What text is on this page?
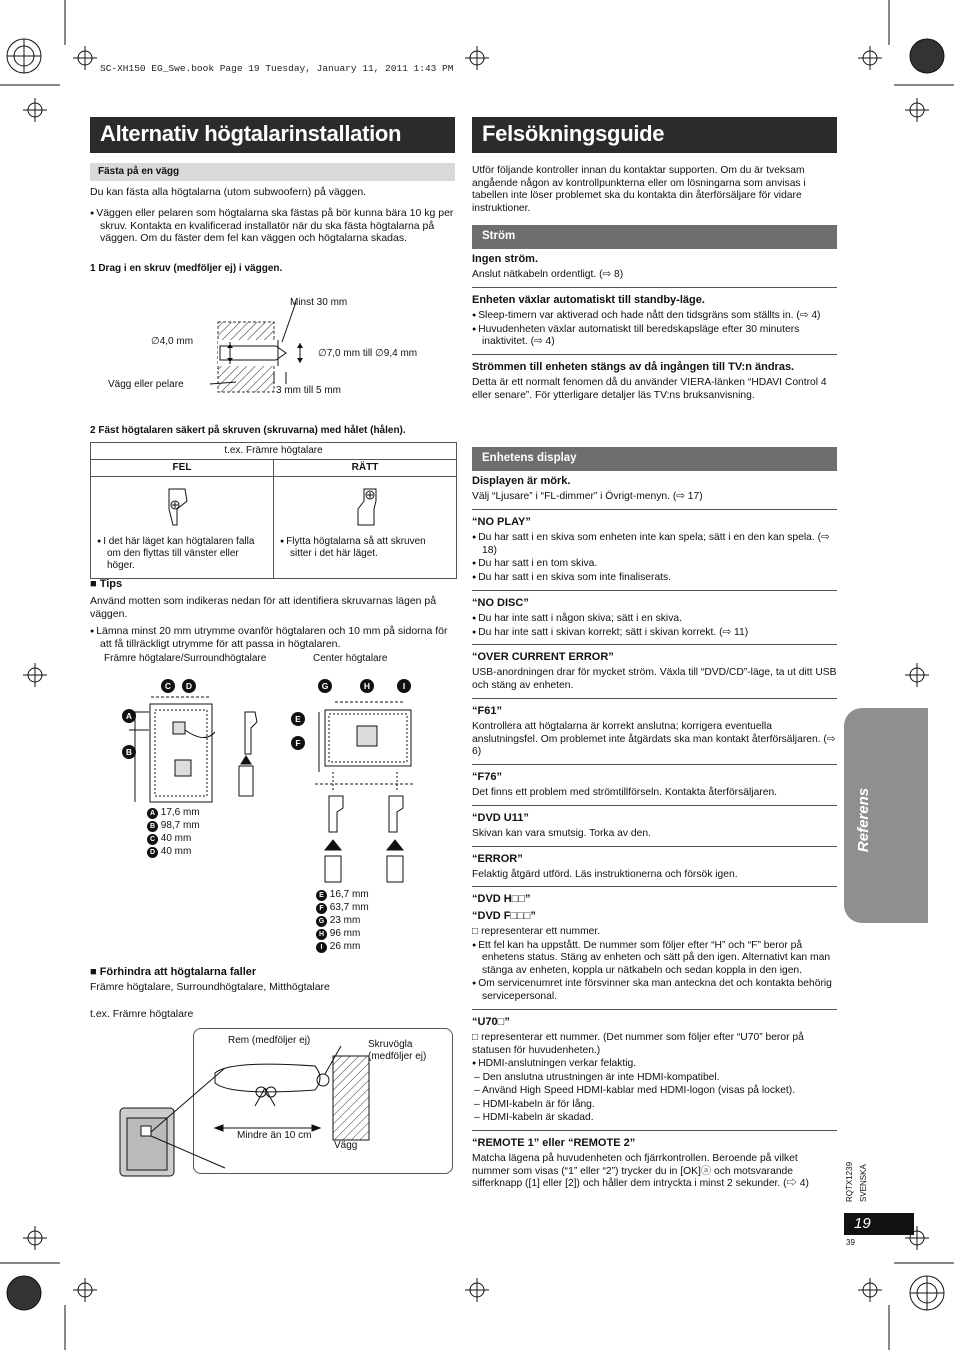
SC-XH150 EG_Swe.book Page 19 Tuesday, January 11, 2011 1:43 PM
Alternativ högtalarinstallation
Fästa på en vägg

Du kan fästa alla högtalarna (utom subwoofern) på väggen.

● Väggen eller pelaren som högtalarna ska fästas på bör kunna bära 10 kg per skruv. Kontakta en kvalificerad installatör när du ska fästa högtalarna på väggen. Om du fäster dem fel kan väggen och högtalarna skadas.

1 Drag i en skruv (medföljer ej) i väggen.
Minst 30 mm
∅4,0 mm
∅7,0 mm till ∅9,4 mm
Vägg eller pelare
3 mm till 5 mm
2 Fäst högtalaren säkert på skruven (skruvarna) med hålet (hålen).
t.ex. Främre högtalare	
FEL	RÄTT

● I det här läget kan högtalaren falla om den flyttas till vänster eller höger.	● Flytta högtalarna så att skruven sitter i det här läget.

■ Tips

Använd motten som indikeras nedan för att identifiera skruvarnas lägen på väggen.

● Lämna minst 20 mm utrymme ovanför högtalaren och 10 mm på sidorna för att få tillräckligt utrymme för att passa in högtalaren.

Främre högtalare/Surroundhögtalare	Center högtalare
C	D
A
B
G	H	I
E
F
A 17,6 mm
B 98,7 mm
C 40 mm
D 40 mm
E 16,7 mm
F 63,7 mm
G 23 mm
H 96 mm
I 26 mm

■ Förhindra att högtalarna faller

Främre högtalare, Surroundhögtalare, Mitthögtalare

t.ex. Främre högtalare

Rem (medföljer ej)	Skruvögla
(medföljer ej)
Mindre än 10 cm
Vägg
Felsökningsguide
Utför följande kontroller innan du kontaktar supporten. Om du är tveksam angående någon av kontrollpunkterna eller om lösningarna som anvisas i tabellen inte löser problemet ska du kontakta din återförsäljare för vidare instruktioner.
Ström
Ingen ström.

Anslut nätkabeln ordentligt. (⇨ 8)

Enheten växlar automatiskt till standby-läge.

● Sleep-timern var aktiverad och hade nått den tidsgräns som ställts in. (⇨ 4)

● Huvudenheten växlar automatiskt till beredskapsläge efter 30 minuters inaktivitet. (⇨ 4)

Strömmen till enheten stängs av då ingången till TV:n ändras.

Detta är ett normalt fenomen då du använder VIERA-länken “HDAVI Control 4 eller senare”. För ytterligare detaljer läs TV:ns bruksanvisning.

Enhetens display
Displayen är mörk.

Välj “Ljusare” i “FL-dimmer” i Övrigt-menyn. (⇨ 17)

“NO PLAY”

● Du har satt i en skiva som enheten inte kan spela; sätt i en den kan spela. (⇨ 18)

● Du har satt i en tom skiva.

● Du har satt i en skiva som inte finaliserats.

“NO DISC”

● Du har inte satt i någon skiva; sätt i en skiva.

● Du har inte satt i skivan korrekt; sätt i skivan korrekt. (⇨ 11)

“OVER CURRENT ERROR”

USB-anordningen drar för mycket ström. Växla till “DVD/CD”-läge, ta ut ditt USB och stäng av enheten.

“F61”

Kontrollera att högtalarna är korrekt anslutna; korrigera eventuella anslutningsfel. Om problemet inte åtgärdats ska man kontakt återförsäljaren. (⇨ 6)

“F76”

Det finns ett problem med strömtillförseln. Kontakta återförsäljaren.

“DVD U11”

Skivan kan vara smutsig. Torka av den.

“ERROR”

Felaktig åtgärd utförd. Läs instruktionerna och försök igen.

“DVD H□□”
“DVD F□□□”

□ representerar ett nummer.

● Ett fel kan ha uppstått. De nummer som följer efter “H” och “F” beror på enhetens status. Stäng av enheten och sätt på den igen. Alternativt kan man stänga av enheten, koppla ur nätkabeln och sedan koppla in den igen.

● Om servicenumret inte försvinner ska man anteckna det och kontakta behörig servicepersonal.

“U70□”

□ representerar ett nummer. (Det nummer som följer efter “U70” beror på statusen för huvudenheten.)

● HDMI-anslutningen verkar felaktig.

– Den anslutna utrustningen är inte HDMI-kompatibel.

– Använd High Speed HDMI-kablar med HDMI-logon (visas på locket).

– HDMI-kabeln är för lång.

– HDMI-kabeln är skadad.

“REMOTE 1” eller “REMOTE 2”

Matcha lägena på huvudenheten och fjärrkontrollen. Beroende på vilket nummer som visas (“1” eller “2”) trycker du in [OK]ⓐ och motsvarande sifferknapp ([1] eller [2]) och håller dem intryckta i minst 2 sekunder. (⇨ 4)

Referens
RQTX1239 SVENSKA
19
39
